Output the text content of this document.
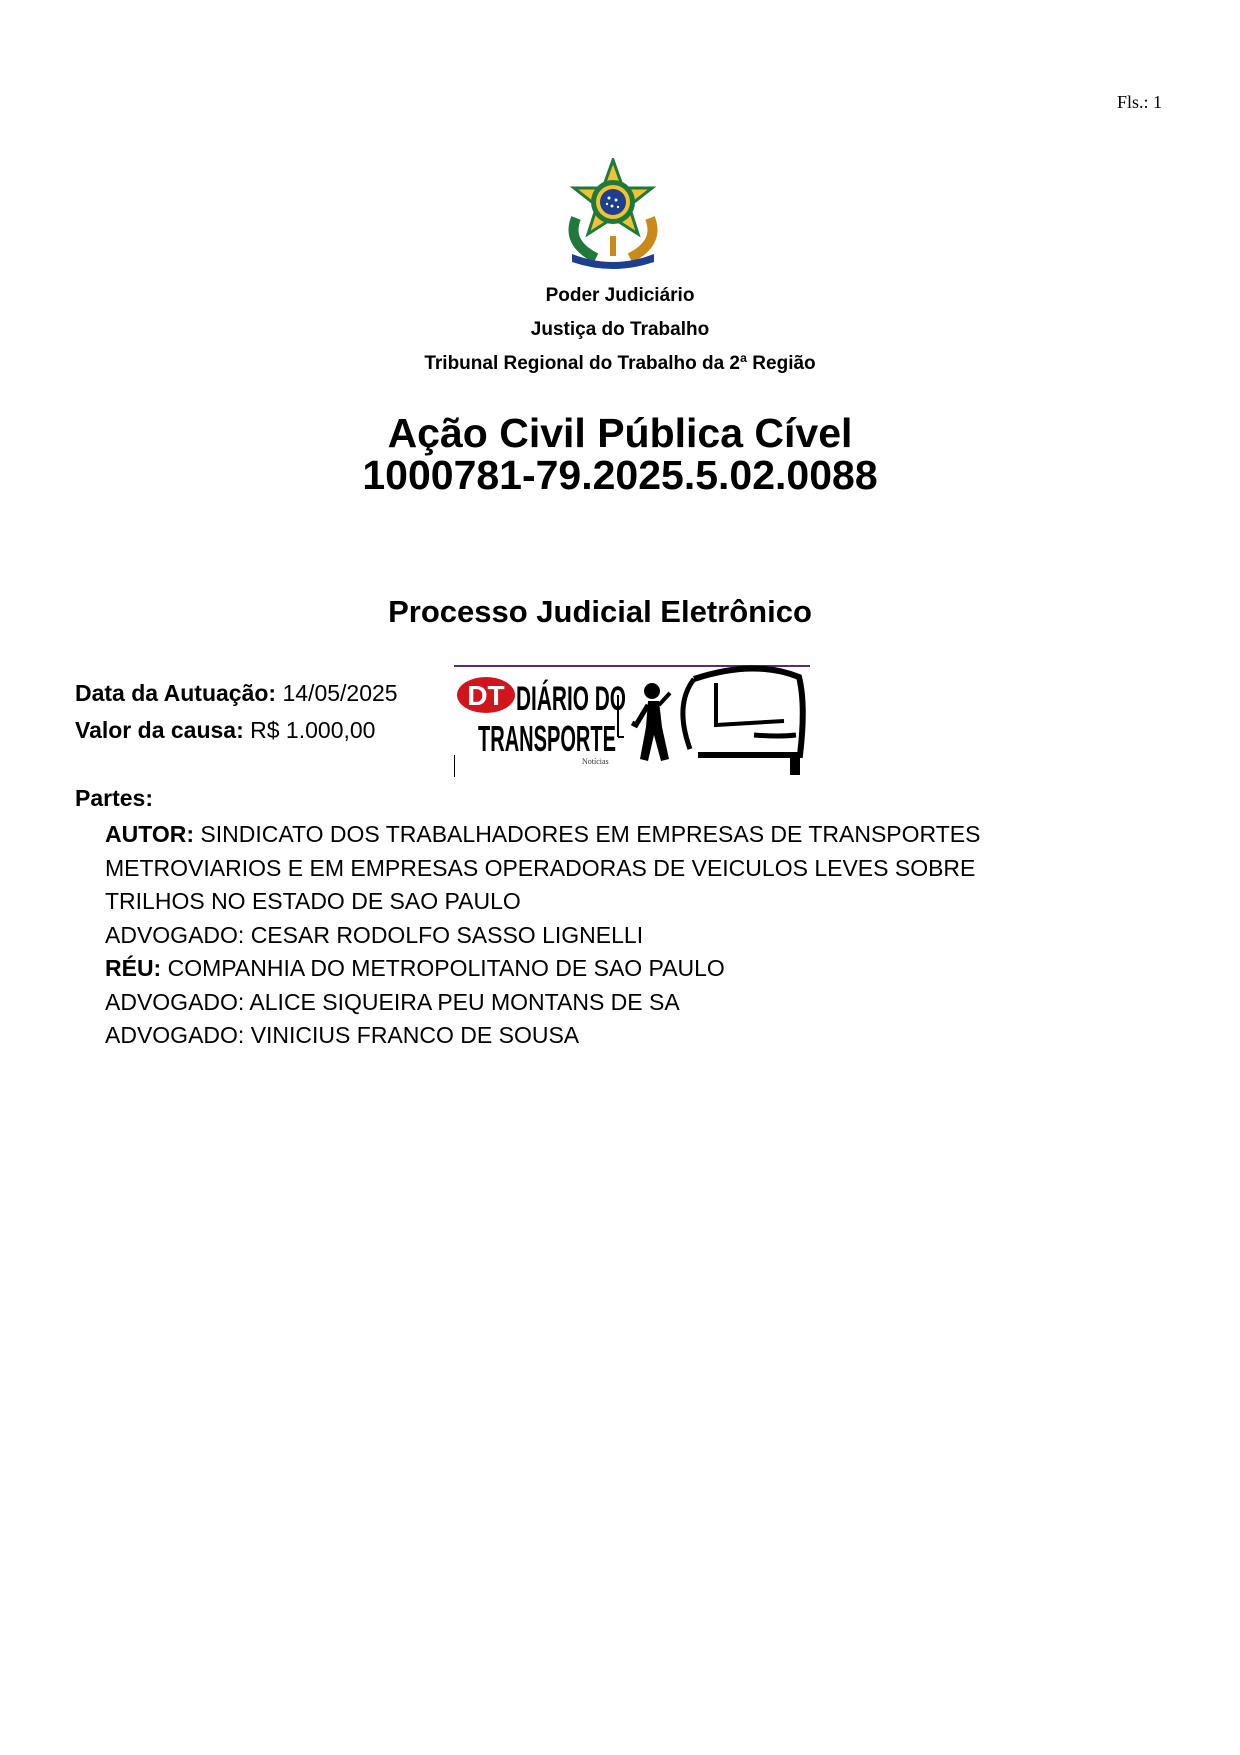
Fls.: 1
Poder Judiciário
Justiça do Trabalho
Tribunal Regional do Trabalho da 2ª Região
Ação Civil Pública Cível
1000781-79.2025.5.02.0088
Processo Judicial Eletrônico
Data da Autuação: 14/05/2025
Valor da causa: R$ 1.000,00
DT DIÁRIO DO
TRANSPORTE
Notícias
Partes:
AUTOR: SINDICATO DOS TRABALHADORES EM EMPRESAS DE TRANSPORTES
METROVIARIOS E EM EMPRESAS OPERADORAS DE VEICULOS LEVES SOBRE
TRILHOS NO ESTADO DE SAO PAULO
ADVOGADO: CESAR RODOLFO SASSO LIGNELLI
RÉU: COMPANHIA DO METROPOLITANO DE SAO PAULO
ADVOGADO: ALICE SIQUEIRA PEU MONTANS DE SA
ADVOGADO: VINICIUS FRANCO DE SOUSA
